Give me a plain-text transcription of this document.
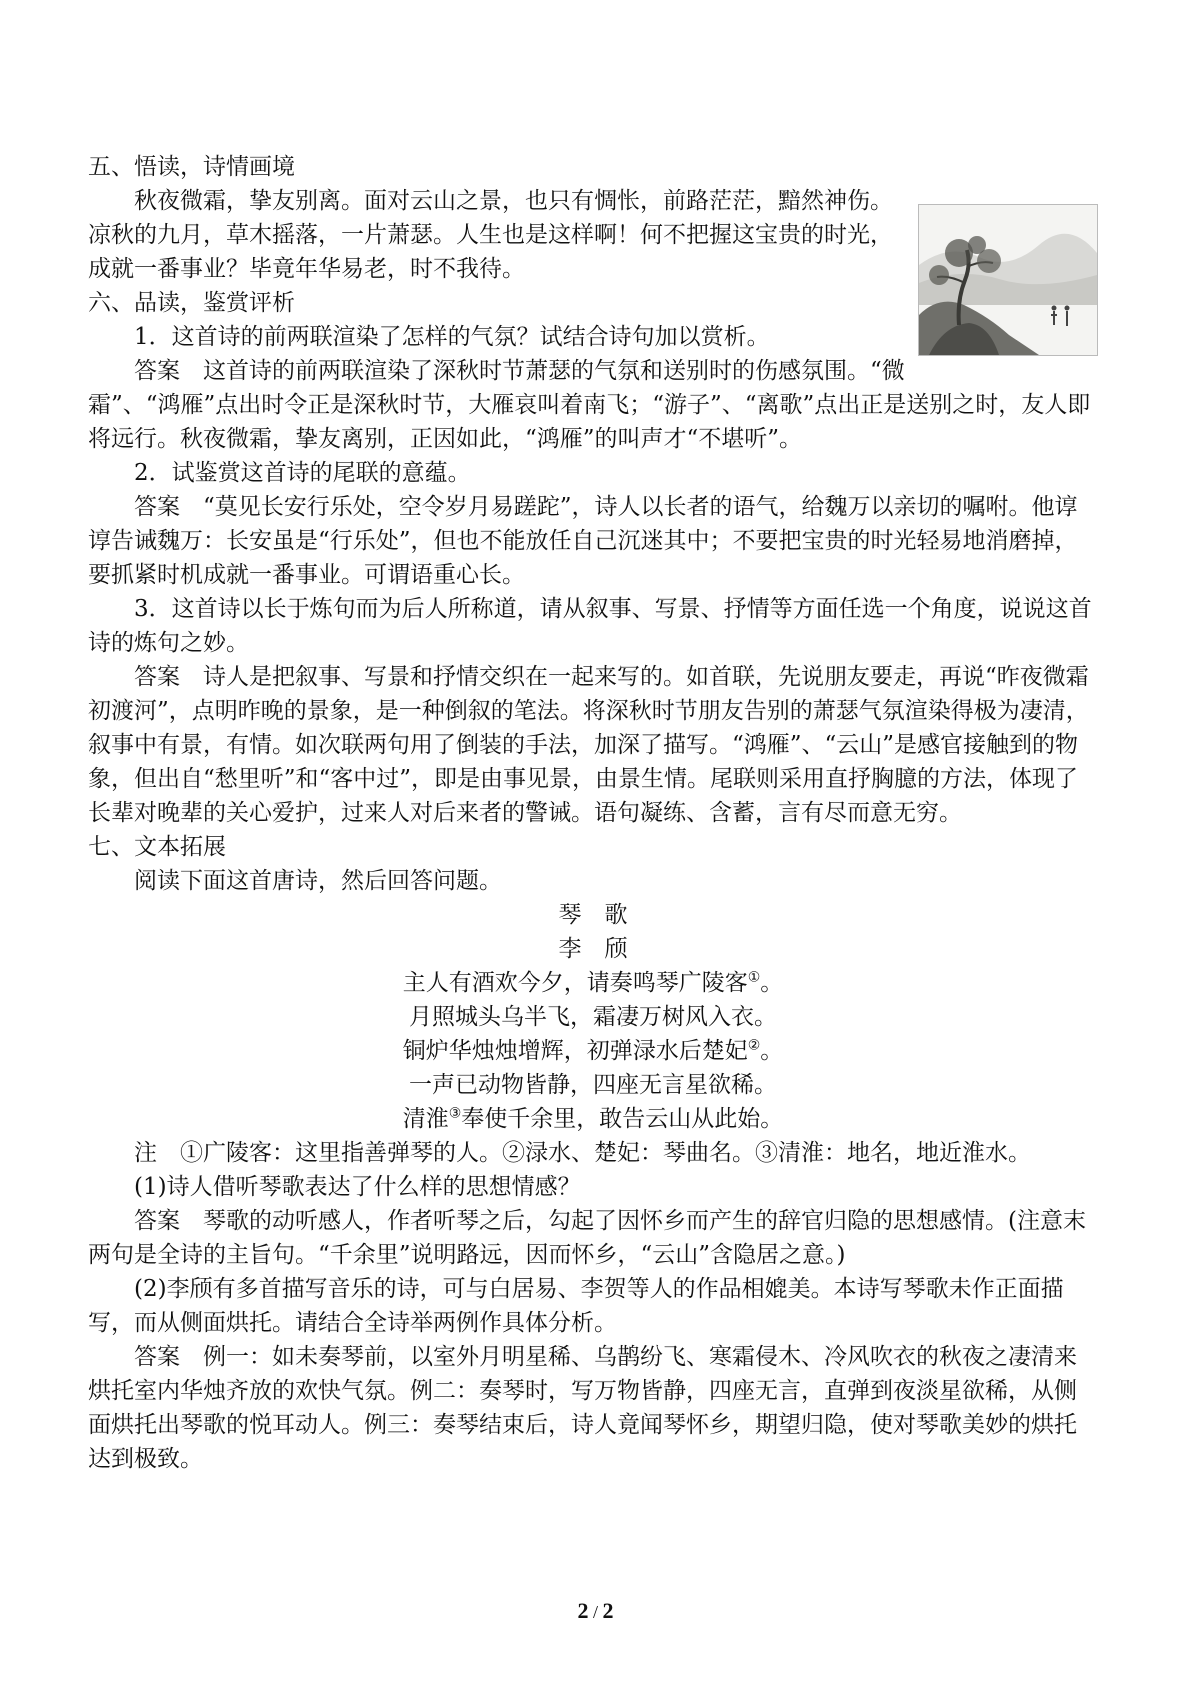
五、悟读，诗情画境

秋夜微霜，挚友别离。面对云山之景，也只有惆怅，前路茫茫，黯然神伤。凉秋的九月，草木摇落，一片萧瑟。人生也是这样啊！何不把握这宝贵的时光，成就一番事业？毕竟年华易老，时不我待。

六、品读，鉴赏评析

1．这首诗的前两联渲染了怎样的气氛？试结合诗句加以赏析。

答案　这首诗的前两联渲染了深秋时节萧瑟的气氛和送别时的伤感氛围。“微霜”、“鸿雁”点出时令正是深秋时节，大雁哀叫着南飞；“游子”、“离歌”点出正是送别之时，友人即将远行。秋夜微霜，挚友离别，正因如此，“鸿雁”的叫声才“不堪听”。

2．试鉴赏这首诗的尾联的意蕴。

答案　“莫见长安行乐处，空令岁月易蹉跎”，诗人以长者的语气，给魏万以亲切的嘱咐。他谆谆告诫魏万：长安虽是“行乐处”，但也不能放任自己沉迷其中；不要把宝贵的时光轻易地消磨掉，要抓紧时机成就一番事业。可谓语重心长。

3．这首诗以长于炼句而为后人所称道，请从叙事、写景、抒情等方面任选一个角度，说说这首诗的炼句之妙。

答案　诗人是把叙事、写景和抒情交织在一起来写的。如首联，先说朋友要走，再说“昨夜微霜初渡河”，点明昨晚的景象，是一种倒叙的笔法。将深秋时节朋友告别的萧瑟气氛渲染得极为凄清，叙事中有景，有情。如次联两句用了倒装的手法，加深了描写。“鸿雁”、“云山”是感官接触到的物象，但出自“愁里听”和“客中过”，即是由事见景，由景生情。尾联则采用直抒胸臆的方法，体现了长辈对晚辈的关心爱护，过来人对后来者的警诫。语句凝练、含蓄，言有尽而意无穷。

七、文本拓展

阅读下面这首唐诗，然后回答问题。

琴　歌
李　颀
主人有酒欢今夕，请奏鸣琴广陵客①。
月照城头乌半飞，霜凄万树风入衣。
铜炉华烛烛增辉，初弹渌水后楚妃②。
一声已动物皆静，四座无言星欲稀。
清淮③奉使千余里，敢告云山从此始。

注　①广陵客：这里指善弹琴的人。②渌水、楚妃：琴曲名。③清淮：地名，地近淮水。

(1)诗人借听琴歌表达了什么样的思想情感？

答案　琴歌的动听感人，作者听琴之后，勾起了因怀乡而产生的辞官归隐的思想感情。(注意末两句是全诗的主旨句。“千余里”说明路远，因而怀乡，“云山”含隐居之意。)

(2)李颀有多首描写音乐的诗，可与白居易、李贺等人的作品相媲美。本诗写琴歌未作正面描写，而从侧面烘托。请结合全诗举两例作具体分析。

答案　例一：如未奏琴前，以室外月明星稀、乌鹊纷飞、寒霜侵木、冷风吹衣的秋夜之凄清来烘托室内华烛齐放的欢快气氛。例二：奏琴时，写万物皆静，四座无言，直弹到夜淡星欲稀，从侧面烘托出琴歌的悦耳动人。例三：奏琴结束后，诗人竟闻琴怀乡，期望归隐，使对琴歌美妙的烘托达到极致。

2 / 2
